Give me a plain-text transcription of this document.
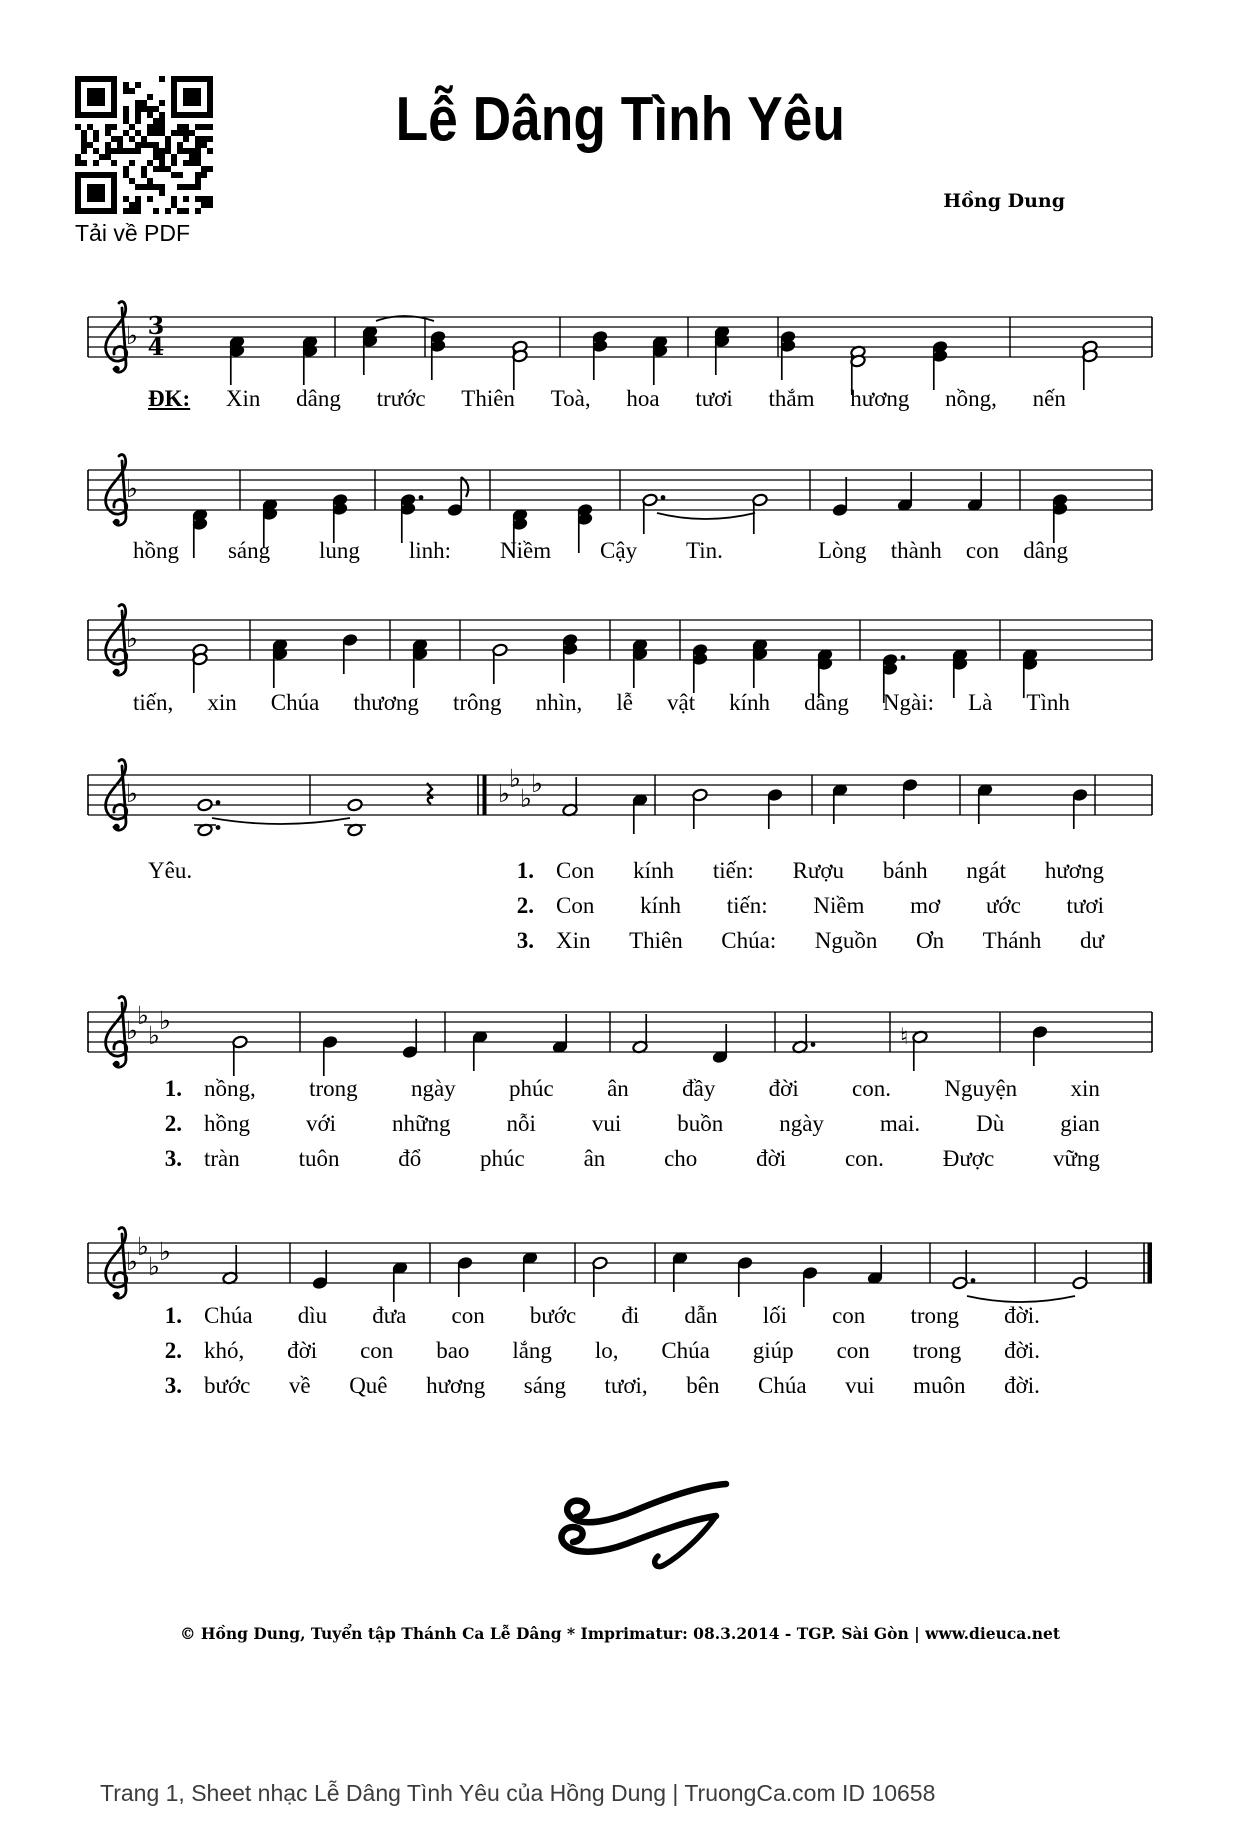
Tải về PDF
Lễ Dâng Tình Yêu
Hồng Dung
♭ 3
4
♭
♭
♭	♭
♭
♭
♭
♭
♭
♭
♭
♮
♭
♭
♭
♭
ĐK: Xin dâng trước Thiên Toà, hoa tươi thắm hương nồng, nến
hồng sáng lung linh: Niềm Cậy Tin.	Lòng thành con dâng
tiến, xin Chúa thương trông nhìn, lễ vật kính dâng Ngài: Là Tình
Yêu.	1. Con kính tiến: Rượu bánh ngát hương
2. Con kính tiến: Niềm mơ ước tươi
3. Xin Thiên Chúa: Nguồn Ơn Thánh dư
1. nồng, trong ngày phúc ân đầy đời con. Nguyện xin
2. hồng với những nỗi vui buồn ngày mai. Dù gian
3. tràn	tuôn	đổ	phúc	ân	cho	đời	con.	Được	vững
1. Chúa dìu đưa con bước đi dẫn lối con trong đời.
2. khó, đời con bao lắng lo, Chúa giúp con trong đời.
3. bước về Quê hương sáng tươi, bên Chúa vui muôn đời.
© Hồng Dung, Tuyển tập Thánh Ca Lễ Dâng * Imprimatur: 08.3.2014 - TGP. Sài Gòn | www.dieuca.net
Trang 1, Sheet nhạc Lễ Dâng Tình Yêu của Hồng Dung | TruongCa.com ID 10658
